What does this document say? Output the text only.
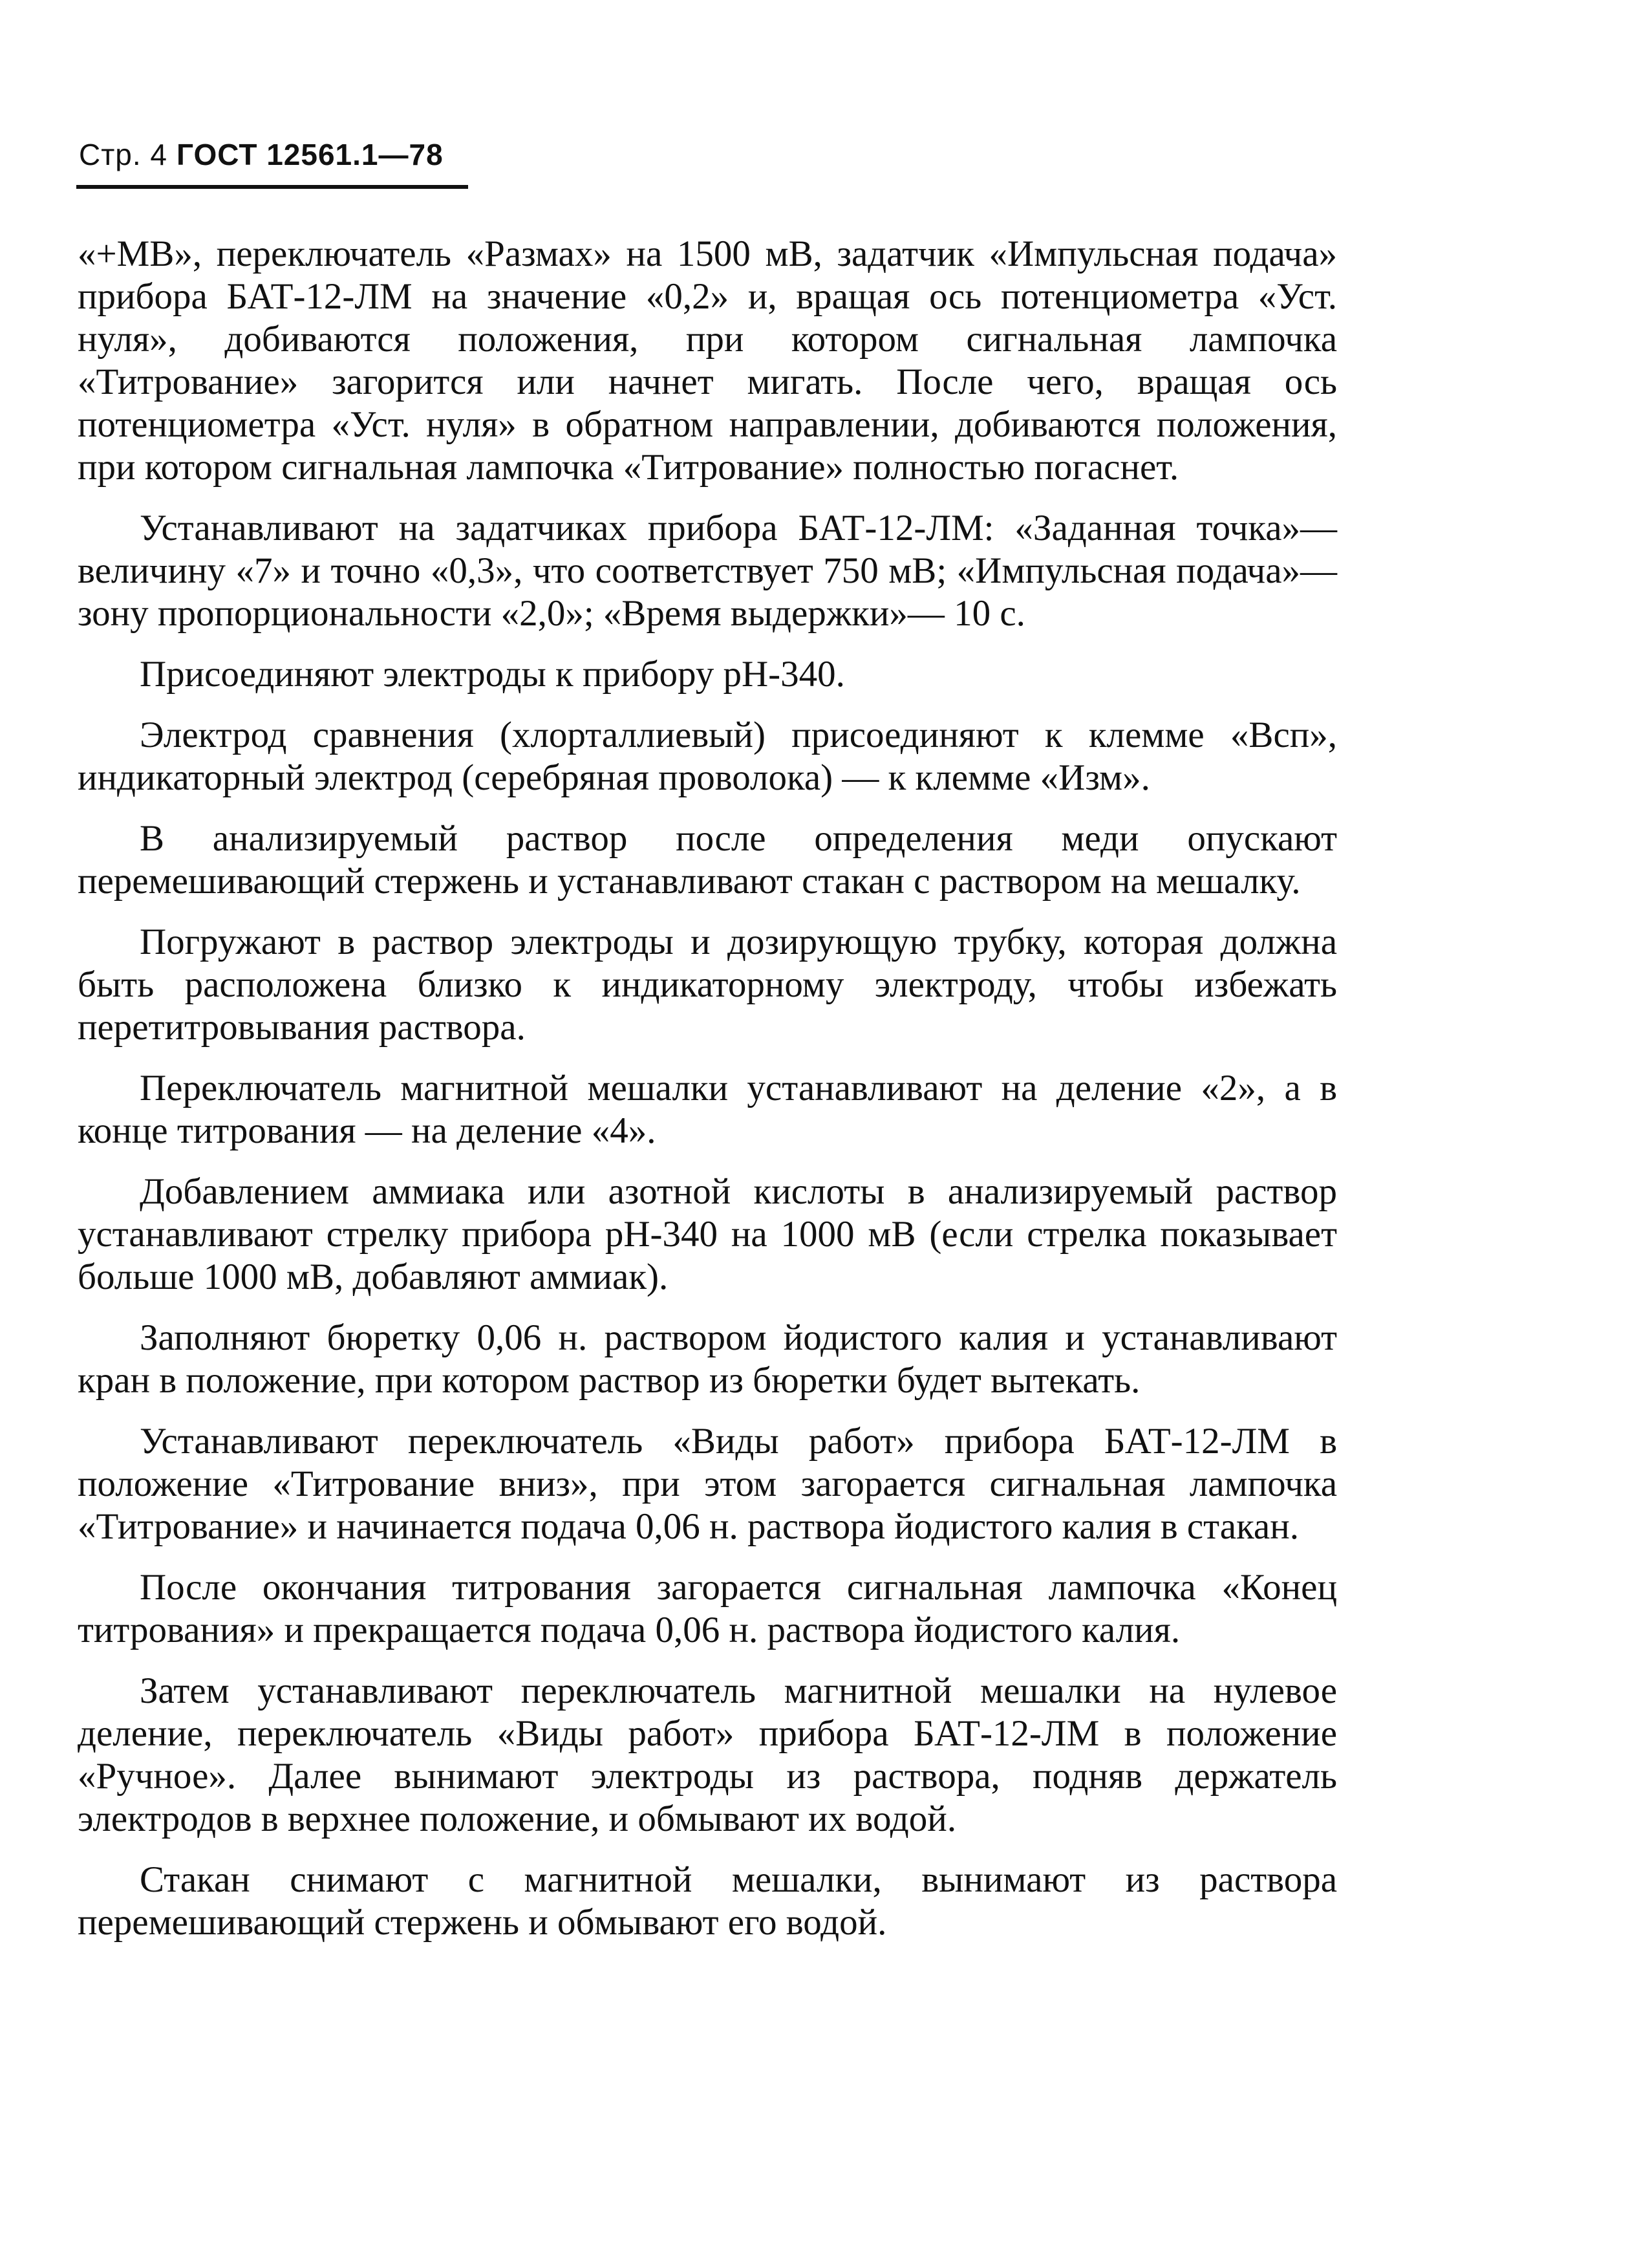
Стр. 4 ГОСТ 12561.1—78

«+МВ», переключатель «Размах» на 1500 мВ, задатчик «Импульсная подача» прибора БАТ-12-ЛМ на значение «0,2» и, вращая ось потенциометра «Уст. нуля», добиваются положения, при котором сигнальная лампочка «Титрование» загорится или начнет мигать. После чего, вращая ось потенциометра «Уст. нуля» в обратном направлении, добиваются положения, при котором сигнальная лампочка «Титрование» полностью погаснет.

Устанавливают на задатчиках прибора БАТ-12-ЛМ: «Заданная точка»— величину «7» и точно «0,3», что соответствует 750 мВ; «Импульсная подача»— зону пропорциональности «2,0»; «Время выдержки»— 10 с.

Присоединяют электроды к прибору рН-340.

Электрод сравнения (хлорталлиевый) присоединяют к клемме «Всп», индикаторный электрод (серебряная проволока) — к клемме «Изм».

В анализируемый раствор после определения меди опускают перемешивающий стержень и устанавливают стакан с раствором на мешалку.

Погружают в раствор электроды и дозирующую трубку, которая должна быть расположена близко к индикаторному электроду, чтобы избежать перетитровывания раствора.

Переключатель магнитной мешалки устанавливают на деление «2», а в конце титрования — на деление «4».

Добавлением аммиака или азотной кислоты в анализируемый раствор устанавливают стрелку прибора рН-340 на 1000 мВ (если стрелка показывает больше 1000 мВ, добавляют аммиак).

Заполняют бюретку 0,06 н. раствором йодистого калия и устанавливают кран в положение, при котором раствор из бюретки будет вытекать.

Устанавливают переключатель «Виды работ» прибора БАТ-12-ЛМ в положение «Титрование вниз», при этом загорается сигнальная лампочка «Титрование» и начинается подача 0,06 н. раствора йодистого калия в стакан.

После окончания титрования загорается сигнальная лампочка «Конец титрования» и прекращается подача 0,06 н. раствора йодистого калия.

Затем устанавливают переключатель магнитной мешалки на нулевое деление, переключатель «Виды работ» прибора БАТ-12-ЛМ в положение «Ручное». Далее вынимают электроды из раствора, подняв держатель электродов в верхнее положение, и обмывают их водой.

Стакан снимают с магнитной мешалки, вынимают из раствора перемешивающий стержень и обмывают его водой.
